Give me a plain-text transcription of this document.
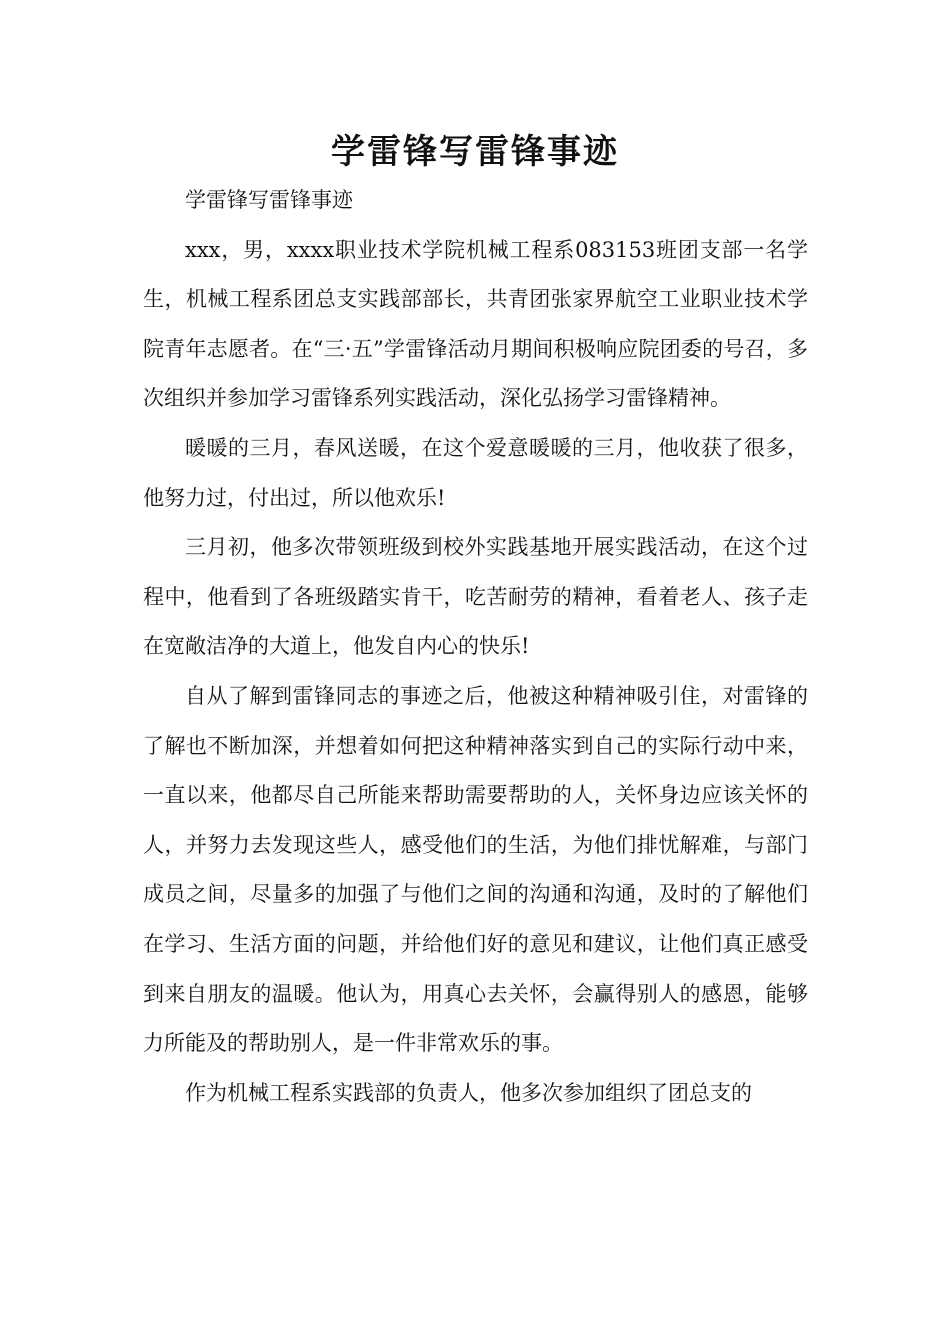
学雷锋写雷锋事迹

学雷锋写雷锋事迹

xxx，男，xxxx职业技术学院机械工程系083153班团支部一名学生，机械工程系团总支实践部部长，共青团张家界航空工业职业技术学院青年志愿者。在“三·五”学雷锋活动月期间积极响应院团委的号召，多次组织并参加学习雷锋系列实践活动，深化弘扬学习雷锋精神。

暖暖的三月，春风送暖，在这个爱意暖暖的三月，他收获了很多，他努力过，付出过，所以他欢乐!

三月初，他多次带领班级到校外实践基地开展实践活动，在这个过程中，他看到了各班级踏实肯干，吃苦耐劳的精神，看着老人、孩子走在宽敞洁净的大道上，他发自内心的快乐!

自从了解到雷锋同志的事迹之后，他被这种精神吸引住，对雷锋的了解也不断加深，并想着如何把这种精神落实到自己的实际行动中来，一直以来，他都尽自己所能来帮助需要帮助的人，关怀身边应该关怀的人，并努力去发现这些人，感受他们的生活，为他们排忧解难，与部门成员之间，尽量多的加强了与他们之间的沟通和沟通，及时的了解他们在学习、生活方面的问题，并给他们好的意见和建议，让他们真正感受到来自朋友的温暖。他认为，用真心去关怀，会赢得别人的感恩，能够力所能及的帮助别人，是一件非常欢乐的事。

作为机械工程系实践部的负责人，他多次参加组织了团总支的
